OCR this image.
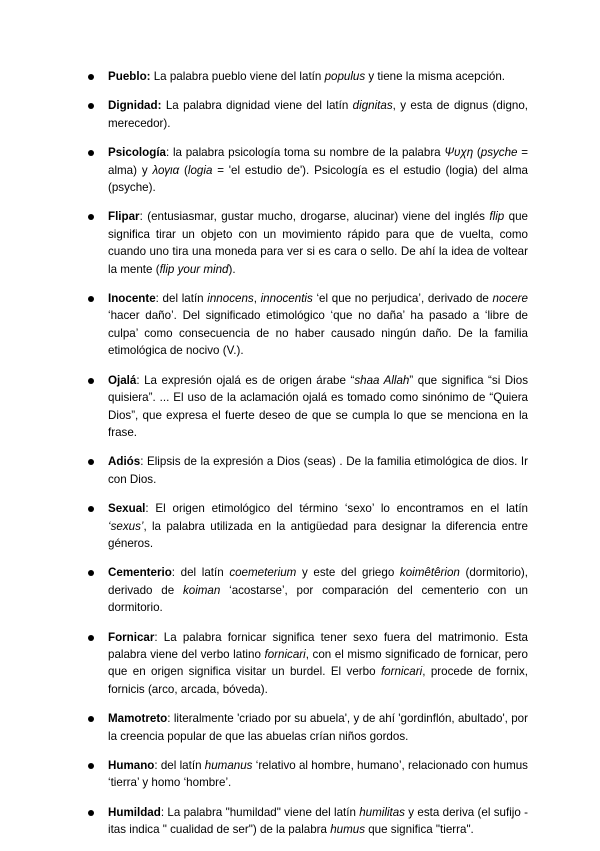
Pueblo: La palabra pueblo viene del latín populus y tiene la misma acepción.
Dignidad: La palabra dignidad viene del latín dignitas, y esta de dignus (digno, merecedor).
Psicología: la palabra psicología toma su nombre de la palabra Ψυχη (psyche = alma) y λογια (logia = 'el estudio de'). Psicología es el estudio (logia) del alma (psyche).
Flipar: (entusiasmar, gustar mucho, drogarse, alucinar) viene del inglés flip que significa tirar un objeto con un movimiento rápido para que de vuelta, como cuando uno tira una moneda para ver si es cara o sello. De ahí la idea de voltear la mente (flip your mind).
Inocente: del latín innocens, innocentis ‘el que no perjudica’, derivado de nocere ‘hacer daño’. Del significado etimológico ‘que no daña’ ha pasado a ‘libre de culpa’ como consecuencia de no haber causado ningún daño. De la familia etimológica de nocivo (V.).
Ojalá: La expresión ojalá es de origen árabe “shaa Allah” que significa “si Dios quisiera”. ... El uso de la aclamación ojalá es tomado como sinónimo de “Quiera Dios”, que expresa el fuerte deseo de que se cumpla lo que se menciona en la frase.
Adiós: Elipsis de la expresión a Dios (seas) . De la familia etimológica de dios. Ir con Dios.
Sexual: El origen etimológico del término ‘sexo’ lo encontramos en el latín ‘sexus’, la palabra utilizada en la antigüedad para designar la diferencia entre géneros.
Cementerio: del latín coemeterium y este del griego koimêtêrion (dormitorio), derivado de koiman ‘acostarse’, por comparación del cementerio con un dormitorio.
Fornicar: La palabra fornicar significa tener sexo fuera del matrimonio. Esta palabra viene del verbo latino fornicari, con el mismo significado de fornicar, pero que en origen significa visitar un burdel. El verbo fornicari, procede de fornix, fornicis (arco, arcada, bóveda).
Mamotreto: literalmente 'criado por su abuela', y de ahí 'gordinflón, abultado', por la creencia popular de que las abuelas crían niños gordos.
Humano: del latín humanus ‘relativo al hombre, humano’, relacionado con humus ‘tierra’ y homo ‘hombre’.
Humildad: La palabra "humildad" viene del latín humilitas y esta deriva (el sufijo -itas indica " cualidad de ser") de la palabra humus que significa "tierra".
